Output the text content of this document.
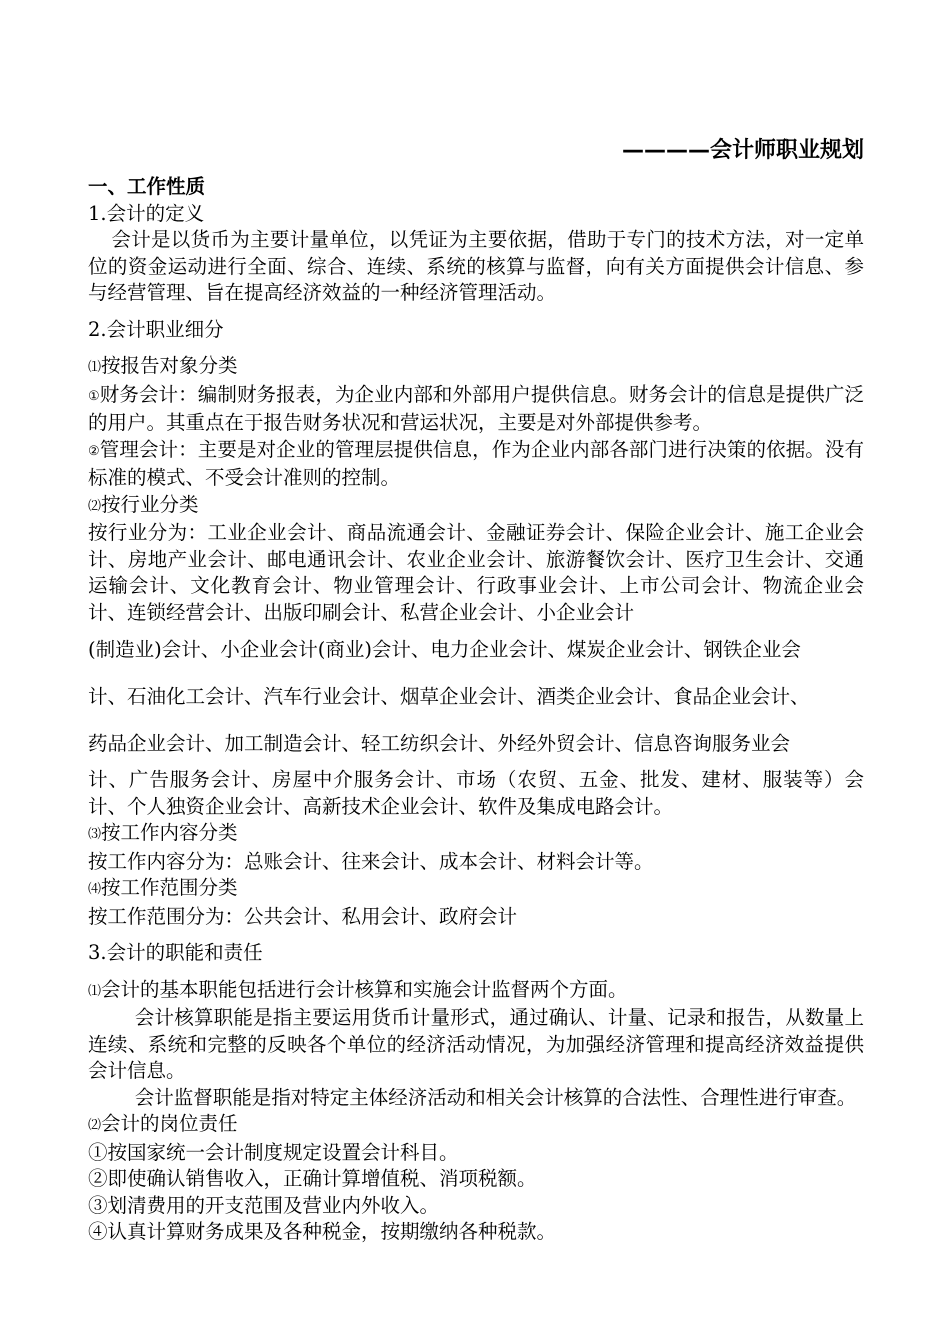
————会计师职业规划

一、工作性质

1.会计的定义

会计是以货币为主要计量单位，以凭证为主要依据，借助于专门的技术方法，对一定单位的资金运动进行全面、综合、连续、系统的核算与监督，向有关方面提供会计信息、参与经营管理、旨在提高经济效益的一种经济管理活动。

2.会计职业细分

⑴按报告对象分类

①财务会计：编制财务报表，为企业内部和外部用户提供信息。财务会计的信息是提供广泛的用户。其重点在于报告财务状况和营运状况，主要是对外部提供参考。

②管理会计：主要是对企业的管理层提供信息，作为企业内部各部门进行决策的依据。没有标准的模式、不受会计准则的控制。

⑵按行业分类

按行业分为：工业企业会计、商品流通会计、金融证券会计、保险企业会计、施工企业会计、房地产业会计、邮电通讯会计、农业企业会计、旅游餐饮会计、医疗卫生会计、交通运输会计、文化教育会计、物业管理会计、行政事业会计、上市公司会计、物流企业会计、连锁经营会计、出版印刷会计、私营企业会计、小企业会计

(制造业)会计、小企业会计(商业)会计、电力企业会计、煤炭企业会计、钢铁企业会

计、石油化工会计、汽车行业会计、烟草企业会计、酒类企业会计、食品企业会计、

药品企业会计、加工制造会计、轻工纺织会计、外经外贸会计、信息咨询服务业会

计、广告服务会计、房屋中介服务会计、市场（农贸、五金、批发、建材、服装等）会计、个人独资企业会计、高新技术企业会计、软件及集成电路会计。

⑶按工作内容分类

按工作内容分为：总账会计、往来会计、成本会计、材料会计等。

⑷按工作范围分类

按工作范围分为：公共会计、私用会计、政府会计

3.会计的职能和责任

⑴会计的基本职能包括进行会计核算和实施会计监督两个方面。

会计核算职能是指主要运用货币计量形式，通过确认、计量、记录和报告，从数量上连续、系统和完整的反映各个单位的经济活动情况，为加强经济管理和提高经济效益提供会计信息。

会计监督职能是指对特定主体经济活动和相关会计核算的合法性、合理性进行审查。

⑵会计的岗位责任

①按国家统一会计制度规定设置会计科目。

②即使确认销售收入，正确计算增值税、消项税额。

③划清费用的开支范围及营业内外收入。

④认真计算财务成果及各种税金，按期缴纳各种税款。
